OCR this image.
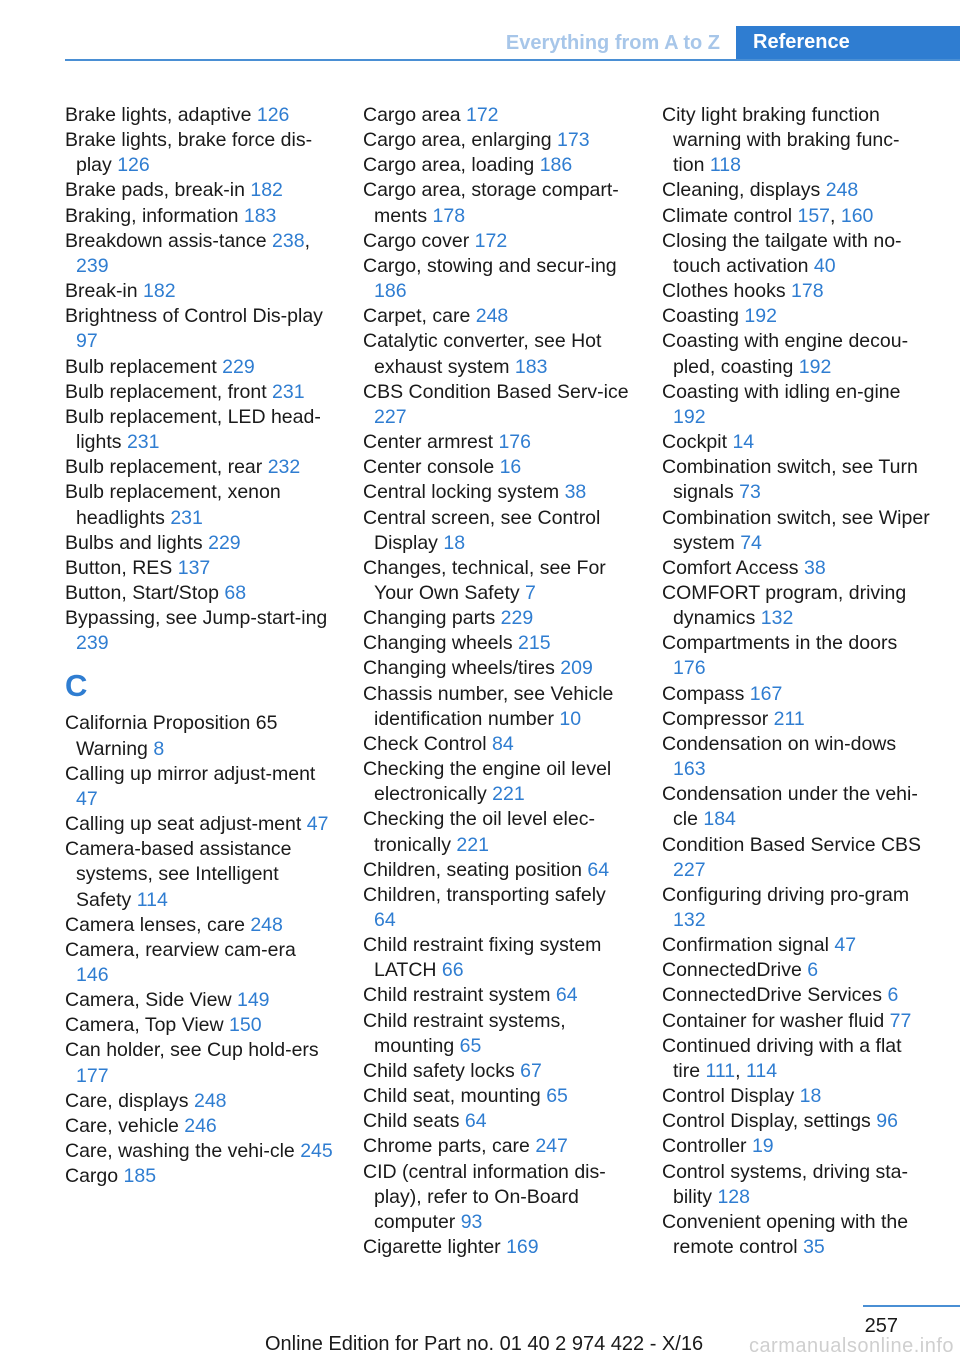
Everything from A to Z	Reference
Brake lights, adaptive 126
Brake lights, brake force dis‐play 126
Brake pads, break-in 182
Braking, information 183
Breakdown assis‐tance 238, 239
Break-in 182
Brightness of Control Dis‐play 97
Bulb replacement 229
Bulb replacement, front 231
Bulb replacement, LED head‐lights 231
Bulb replacement, rear 232
Bulb replacement, xenon headlights 231
Bulbs and lights 229
Button, RES 137
Button, Start/Stop 68
Bypassing, see Jump-start‐ing 239
C
California Proposition 65 Warning 8
Calling up mirror adjust‐ment 47
Calling up seat adjust‐ment 47
Camera-based assistance systems, see Intelligent Safety 114
Camera lenses, care 248
Camera, rearview cam‐era 146
Camera, Side View 149
Camera, Top View 150
Can holder, see Cup hold‐ers 177
Care, displays 248
Care, vehicle 246
Care, washing the vehi‐cle 245
Cargo 185
Cargo area 172
Cargo area, enlarging 173
Cargo area, loading 186
Cargo area, storage compart‐ments 178
Cargo cover 172
Cargo, stowing and secur‐ing 186
Carpet, care 248
Catalytic converter, see Hot exhaust system 183
CBS Condition Based Serv‐ice 227
Center armrest 176
Center console 16
Central locking system 38
Central screen, see Control Display 18
Changes, technical, see For Your Own Safety 7
Changing parts 229
Changing wheels 215
Changing wheels/tires 209
Chassis number, see Vehicle identification number 10
Check Control 84
Checking the engine oil level electronically 221
Checking the oil level elec‐tronically 221
Children, seating position 64
Children, transporting safely 64
Child restraint fixing system LATCH 66
Child restraint system 64
Child restraint systems, mounting 65
Child safety locks 67
Child seat, mounting 65
Child seats 64
Chrome parts, care 247
CID (central information dis‐play), refer to On-Board computer 93
Cigarette lighter 169
City light braking function warning with braking func‐tion 118
Cleaning, displays 248
Climate control 157, 160
Closing the tailgate with no-touch activation 40
Clothes hooks 178
Coasting 192
Coasting with engine decou‐pled, coasting 192
Coasting with idling en‐gine 192
Cockpit 14
Combination switch, see Turn signals 73
Combination switch, see Wiper system 74
Comfort Access 38
COMFORT program, driving dynamics 132
Compartments in the doors 176
Compass 167
Compressor 211
Condensation on win‐dows 163
Condensation under the vehi‐cle 184
Condition Based Service CBS 227
Configuring driving pro‐gram 132
Confirmation signal 47
ConnectedDrive 6
ConnectedDrive Services 6
Container for washer fluid 77
Continued driving with a flat tire 111, 114
Control Display 18
Control Display, settings 96
Controller 19
Control systems, driving sta‐bility 128
Convenient opening with the remote control 35
257
Online Edition for Part no. 01 40 2 974 422 - X/16 carmanualsonline.info
